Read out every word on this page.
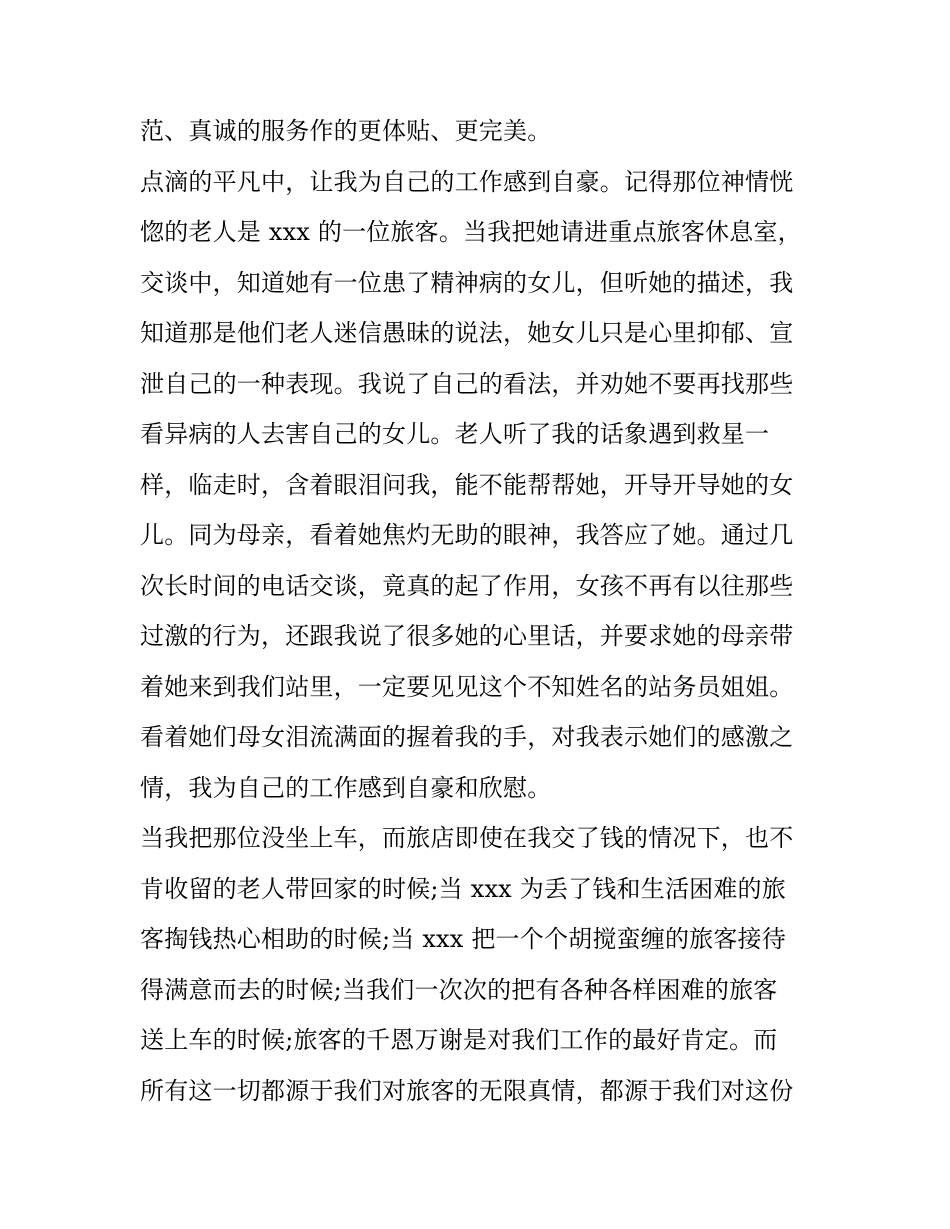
范、真诚的服务作的更体贴、更完美。
点滴的平凡中，让我为自己的工作感到自豪。记得那位神情恍
惚的老人是 xxx 的一位旅客。当我把她请进重点旅客休息室，
交谈中，知道她有一位患了精神病的女儿，但听她的描述，我
知道那是他们老人迷信愚昧的说法，她女儿只是心里抑郁、宣
泄自己的一种表现。我说了自己的看法，并劝她不要再找那些
看异病的人去害自己的女儿。老人听了我的话象遇到救星一
样，临走时，含着眼泪问我，能不能帮帮她，开导开导她的女
儿。同为母亲，看着她焦灼无助的眼神，我答应了她。通过几
次长时间的电话交谈，竟真的起了作用，女孩不再有以往那些
过激的行为，还跟我说了很多她的心里话，并要求她的母亲带
着她来到我们站里，一定要见见这个不知姓名的站务员姐姐。
看着她们母女泪流满面的握着我的手，对我表示她们的感激之
情，我为自己的工作感到自豪和欣慰。
当我把那位没坐上车，而旅店即使在我交了钱的情况下，也不
肯收留的老人带回家的时候;当 xxx 为丢了钱和生活困难的旅
客掏钱热心相助的时候;当 xxx 把一个个胡搅蛮缠的旅客接待
得满意而去的时候;当我们一次次的把有各种各样困难的旅客
送上车的时候;旅客的千恩万谢是对我们工作的最好肯定。而
所有这一切都源于我们对旅客的无限真情，都源于我们对这份
